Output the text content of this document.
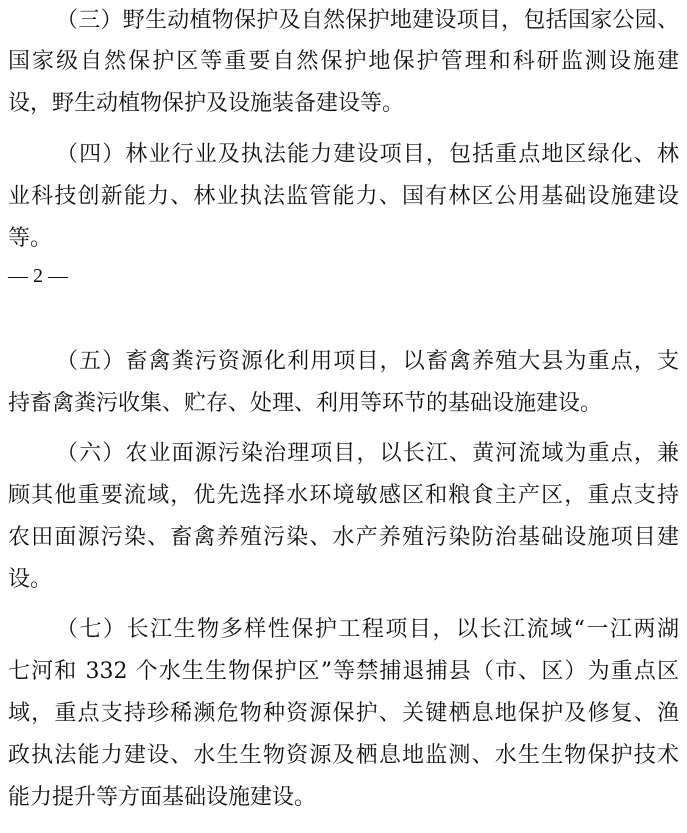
（三）野生动植物保护及自然保护地建设项目，包括国家公园、
国家级自然保护区等重要自然保护地保护管理和科研监测设施建
设，野生动植物保护及设施装备建设等。
（四）林业行业及执法能力建设项目，包括重点地区绿化、林
业科技创新能力、林业执法监管能力、国有林区公用基础设施建设
等。
— 2 —
（五）畜禽粪污资源化利用项目，以畜禽养殖大县为重点，支
持畜禽粪污收集、贮存、处理、利用等环节的基础设施建设。
（六）农业面源污染治理项目，以长江、黄河流域为重点，兼
顾其他重要流域，优先选择水环境敏感区和粮食主产区，重点支持
农田面源污染、畜禽养殖污染、水产养殖污染防治基础设施项目建
设。
（七）长江生物多样性保护工程项目，以长江流域“一江两湖
七河和 332 个水生生物保护区”等禁捕退捕县（市、区）为重点区
域，重点支持珍稀濒危物种资源保护、关键栖息地保护及修复、渔
政执法能力建设、水生生物资源及栖息地监测、水生生物保护技术
能力提升等方面基础设施建设。
